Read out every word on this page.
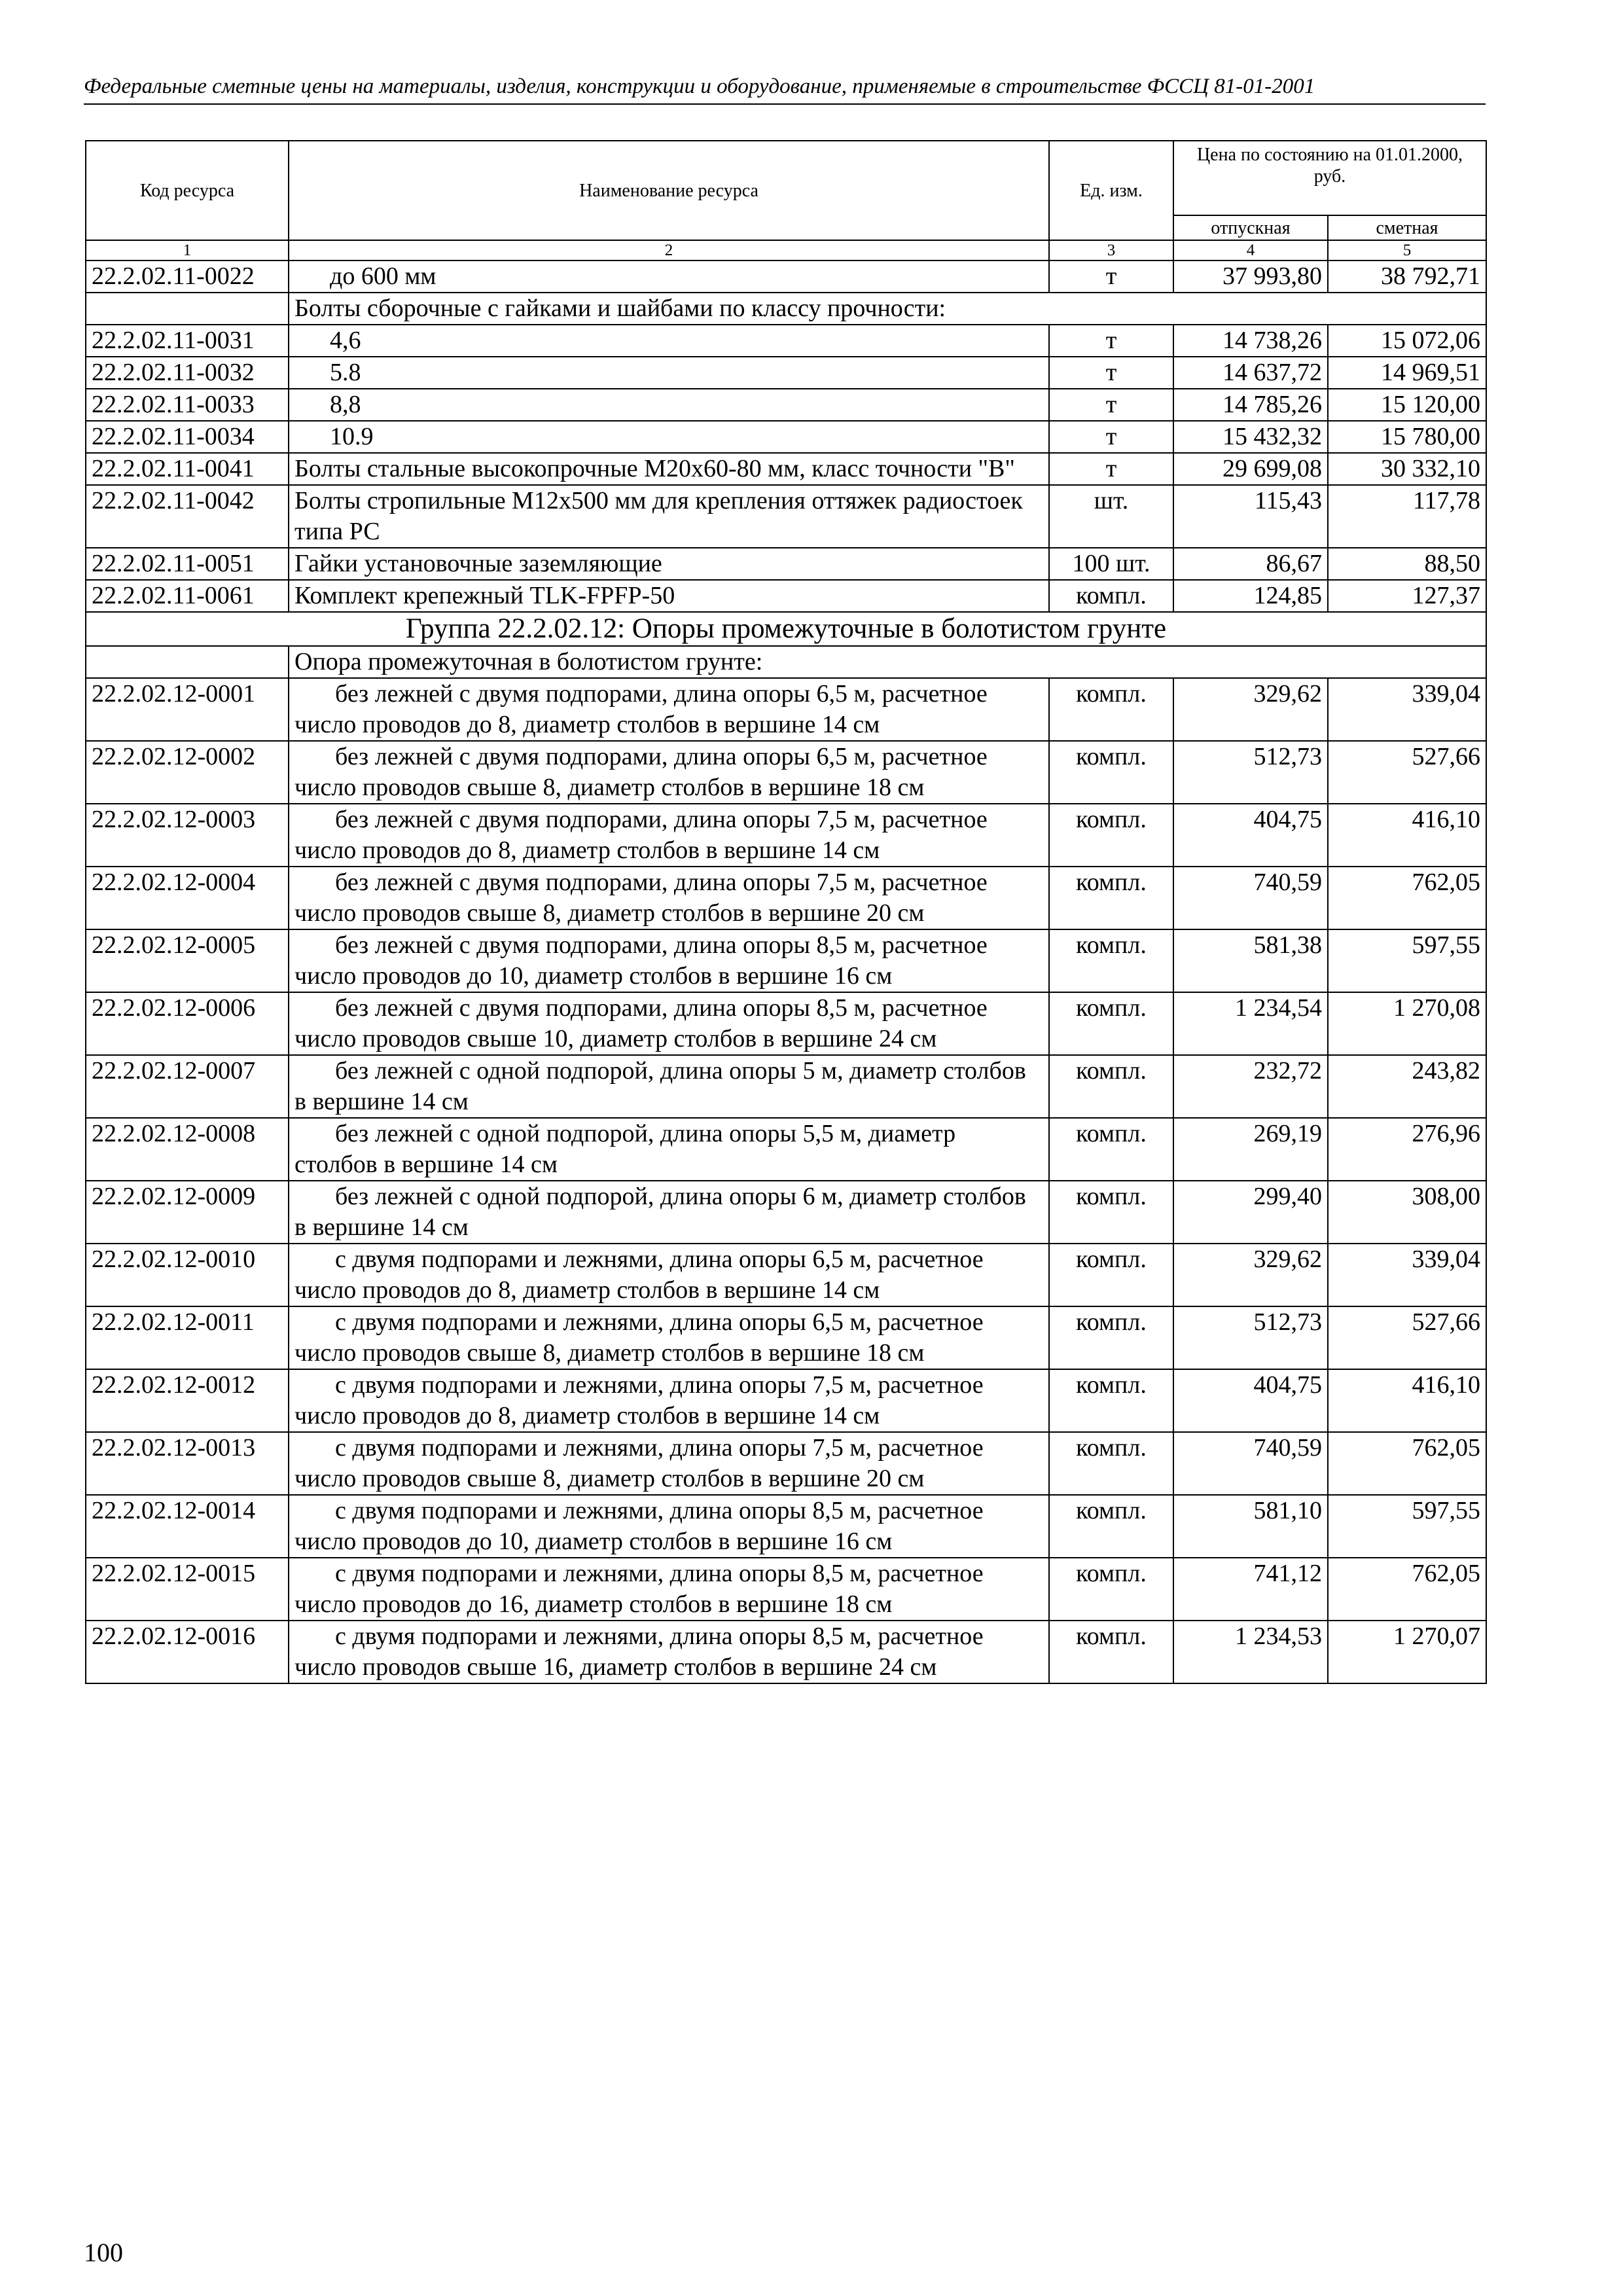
Федеральные сметные цены на материалы, изделия, конструкции и оборудование, применяемые в строительстве ФССЦ 81-01-2001
Код ресурса	Наименование ресурса	Ед. изм.	Цена по состоянию на 01.01.2000, руб.	
			отпускная	сметная
1	2	3	4	5
22.2.02.11-0022	до 600 мм	т	37 993,80	38 792,71
	Болты сборочные с гайками и шайбами по классу прочности:			
22.2.02.11-0031	4,6	т	14 738,26	15 072,06
22.2.02.11-0032	5.8	т	14 637,72	14 969,51
22.2.02.11-0033	8,8	т	14 785,26	15 120,00
22.2.02.11-0034	10.9	т	15 432,32	15 780,00
22.2.02.11-0041	Болты стальные высокопрочные М20х60-80 мм, класс точности "В"	т	29 699,08	30 332,10
22.2.02.11-0042	Болты стропильные М12х500 мм для крепления оттяжек радиостоек типа РС	шт.	115,43	117,78
22.2.02.11-0051	Гайки установочные заземляющие	100 шт.	86,67	88,50
22.2.02.11-0061	Комплект крепежный TLK-FPFP-50	компл.	124,85	127,37
Группа 22.2.02.12: Опоры промежуточные в болотистом грунте				
	Опора промежуточная в болотистом грунте:			
22.2.02.12-0001	без лежней с двумя подпорами, длина опоры 6,5 м, расчетное число проводов до 8, диаметр столбов в вершине 14 см	компл.	329,62	339,04
22.2.02.12-0002	без лежней с двумя подпорами, длина опоры 6,5 м, расчетное число проводов свыше 8, диаметр столбов в вершине 18 см	компл.	512,73	527,66
22.2.02.12-0003	без лежней с двумя подпорами, длина опоры 7,5 м, расчетное число проводов до 8, диаметр столбов в вершине 14 см	компл.	404,75	416,10
22.2.02.12-0004	без лежней с двумя подпорами, длина опоры 7,5 м, расчетное число проводов свыше 8, диаметр столбов в вершине 20 см	компл.	740,59	762,05
22.2.02.12-0005	без лежней с двумя подпорами, длина опоры 8,5 м, расчетное число проводов до 10, диаметр столбов в вершине 16 см	компл.	581,38	597,55
22.2.02.12-0006	без лежней с двумя подпорами, длина опоры 8,5 м, расчетное число проводов свыше 10, диаметр столбов в вершине 24 см	компл.	1 234,54	1 270,08
22.2.02.12-0007	без лежней с одной подпорой, длина опоры 5 м, диаметр столбов в вершине 14 см	компл.	232,72	243,82
22.2.02.12-0008	без лежней с одной подпорой, длина опоры 5,5 м, диаметр столбов в вершине 14 см	компл.	269,19	276,96
22.2.02.12-0009	без лежней с одной подпорой, длина опоры 6 м, диаметр столбов в вершине 14 см	компл.	299,40	308,00
22.2.02.12-0010	с двумя подпорами и лежнями, длина опоры 6,5 м, расчетное число проводов до 8, диаметр столбов в вершине 14 см	компл.	329,62	339,04
22.2.02.12-0011	с двумя подпорами и лежнями, длина опоры 6,5 м, расчетное число проводов свыше 8, диаметр столбов в вершине 18 см	компл.	512,73	527,66
22.2.02.12-0012	с двумя подпорами и лежнями, длина опоры 7,5 м, расчетное число проводов до 8, диаметр столбов в вершине 14 см	компл.	404,75	416,10
22.2.02.12-0013	с двумя подпорами и лежнями, длина опоры 7,5 м, расчетное число проводов свыше 8, диаметр столбов в вершине 20 см	компл.	740,59	762,05
22.2.02.12-0014	с двумя подпорами и лежнями, длина опоры 8,5 м, расчетное число проводов до 10, диаметр столбов в вершине 16 см	компл.	581,10	597,55
22.2.02.12-0015	с двумя подпорами и лежнями, длина опоры 8,5 м, расчетное число проводов до 16, диаметр столбов в вершине 18 см	компл.	741,12	762,05
22.2.02.12-0016	с двумя подпорами и лежнями, длина опоры 8,5 м, расчетное число проводов свыше 16, диаметр столбов в вершине 24 см	компл.	1 234,53	1 270,07
100
